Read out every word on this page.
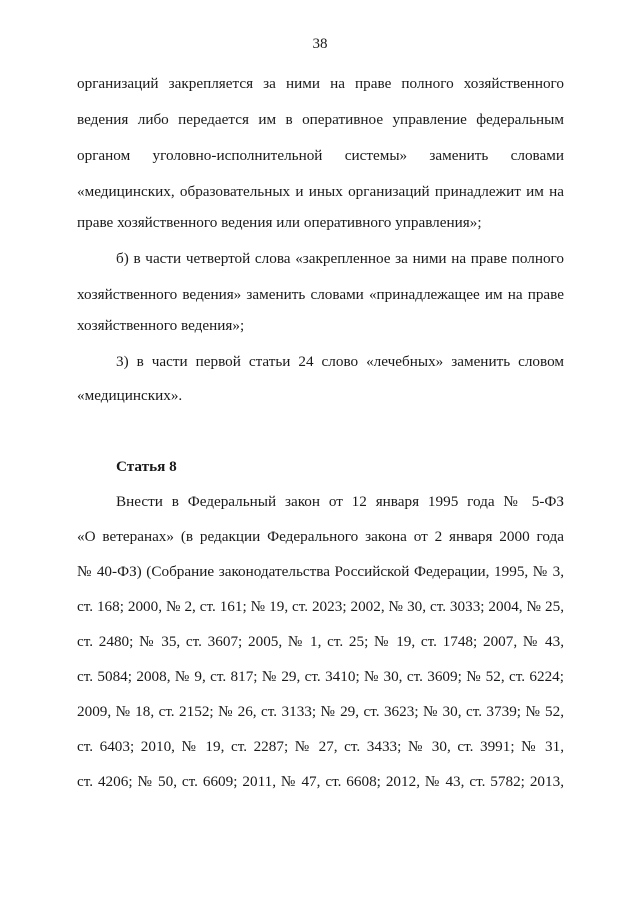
38
организаций закрепляется за ними на праве полного хозяйственного
ведения либо передается им в оперативное управление федеральным
органом уголовно-исполнительной системы» заменить словами
«медицинских, образовательных и иных организаций принадлежит им на
праве хозяйственного ведения или оперативного управления»;
б) в части четвертой слова «закрепленное за ними на праве полного
хозяйственного ведения» заменить словами «принадлежащее им на праве
хозяйственного ведения»;
3) в части первой статьи 24 слово «лечебных» заменить словом
«медицинских».
Статья 8
Внести в Федеральный закон от 12 января 1995 года № 5-ФЗ
«О ветеранах» (в редакции Федерального закона от 2 января 2000 года
№ 40-ФЗ) (Собрание законодательства Российской Федерации, 1995, № 3,
ст. 168; 2000, № 2, ст. 161; № 19, ст. 2023; 2002, № 30, ст. 3033; 2004, № 25,
ст. 2480; № 35, ст. 3607; 2005, № 1, ст. 25; № 19, ст. 1748; 2007, № 43,
ст. 5084; 2008, № 9, ст. 817; № 29, ст. 3410; № 30, ст. 3609; № 52, ст. 6224;
2009, № 18, ст. 2152; № 26, ст. 3133; № 29, ст. 3623; № 30, ст. 3739; № 52,
ст. 6403; 2010, № 19, ст. 2287; № 27, ст. 3433; № 30, ст. 3991; № 31,
ст. 4206; № 50, ст. 6609; 2011, № 47, ст. 6608; 2012, № 43, ст. 5782; 2013,
